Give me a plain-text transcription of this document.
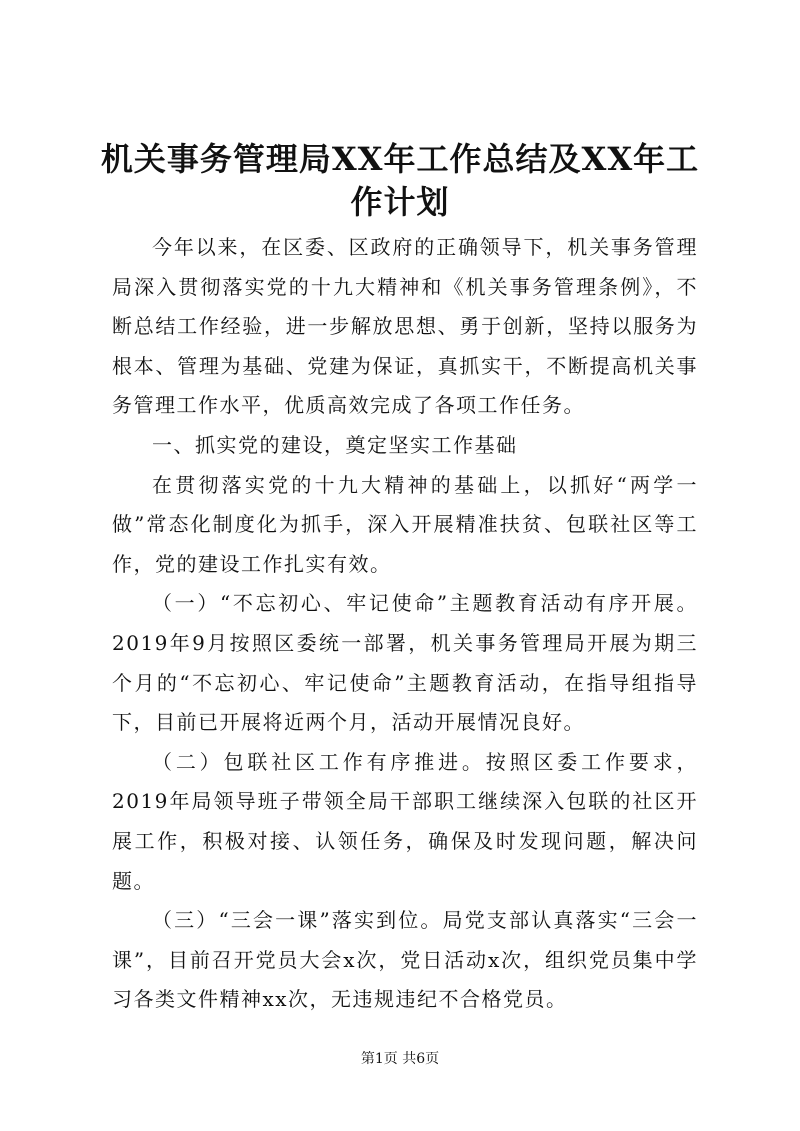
机关事务管理局XX年工作总结及XX年工作计划

今年以来，在区委、区政府的正确领导下，机关事务管理局深入贯彻落实党的十九大精神和《机关事务管理条例》，不断总结工作经验，进一步解放思想、勇于创新，坚持以服务为根本、管理为基础、党建为保证，真抓实干，不断提高机关事务管理工作水平，优质高效完成了各项工作任务。

一、抓实党的建设，奠定坚实工作基础

在贯彻落实党的十九大精神的基础上，以抓好“两学一做”常态化制度化为抓手，深入开展精准扶贫、包联社区等工作，党的建设工作扎实有效。

（一）“不忘初心、牢记使命”主题教育活动有序开展。2019年9月按照区委统一部署，机关事务管理局开展为期三个月的“不忘初心、牢记使命”主题教育活动，在指导组指导下，目前已开展将近两个月，活动开展情况良好。

（二）包联社区工作有序推进。按照区委工作要求，2019年局领导班子带领全局干部职工继续深入包联的社区开展工作，积极对接、认领任务，确保及时发现问题，解决问题。

（三）“三会一课”落实到位。局党支部认真落实“三会一课”，目前召开党员大会x次，党日活动x次，组织党员集中学习各类文件精神xx次，无违规违纪不合格党员。

第1页 共6页
